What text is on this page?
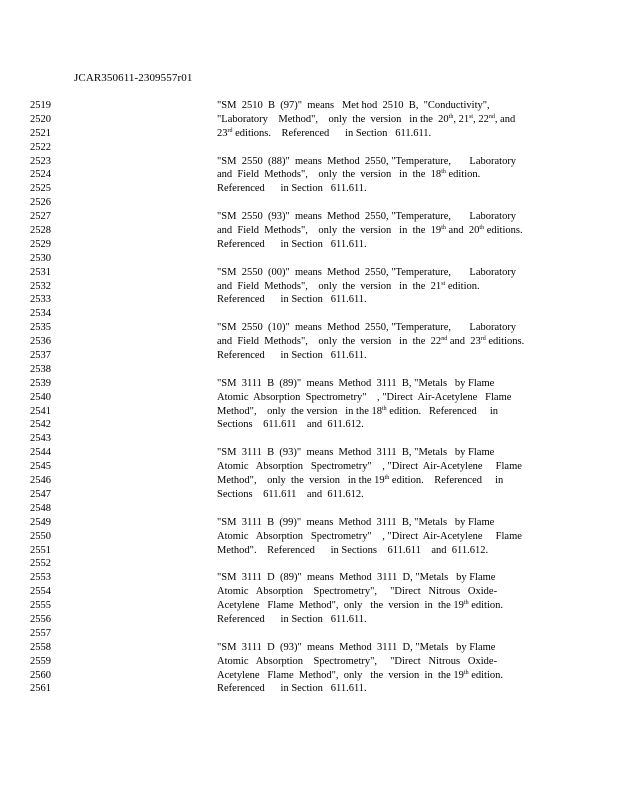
JCAR350611-2309557r01
2519
2520
2521
2522
2523
2524
2525
2526
2527
2528
2529
2530
2531
2532
2533
2534
2535
2536
2537
2538
2539
2540
2541
2542
2543
2544
2545
2546
2547
2548
2549
2550
2551
2552
2553
2554
2555
2556
2557
2558
2559
2560
2561
"SM  2510  B  (97)"  means   Met hod  2510  B,  "Conductivity",
"Laboratory    Method",    only  the  version   in the  20th, 21st, 22nd, and
23rd editions.    Referenced      in Section   611.611.

"SM  2550  (88)"  means  Method  2550, "Temperature,       Laboratory
and  Field  Methods",    only  the  version   in  the  18th edition.
Referenced      in Section   611.611.

"SM  2550  (93)"  means  Method  2550, "Temperature,       Laboratory
and  Field  Methods",    only  the  version   in  the  19th and  20th editions.
Referenced      in Section   611.611.

"SM  2550  (00)"  means  Method  2550, "Temperature,       Laboratory
and  Field  Methods",    only  the  version   in  the  21st edition.
Referenced      in Section   611.611.

"SM  2550  (10)"  means  Method  2550, "Temperature,       Laboratory
and  Field  Methods",    only  the  version   in  the  22nd and  23rd editions.
Referenced      in Section   611.611.

"SM  3111  B  (89)"  means  Method  3111  B, "Metals   by Flame
Atomic  Absorption  Spectrometry"    , "Direct  Air-Acetylene   Flame
Method",    only  the version   in the 18th edition.   Referenced     in
Sections    611.611    and  611.612.

"SM  3111  B  (93)"  means  Method  3111  B, "Metals   by Flame
Atomic   Absorption   Spectrometry"    , "Direct  Air-Acetylene     Flame
Method",    only  the  version   in the 19th edition.    Referenced     in
Sections    611.611    and  611.612.

"SM  3111  B  (99)"  means  Method  3111  B, "Metals   by Flame
Atomic   Absorption   Spectrometry"    , "Direct  Air-Acetylene     Flame
Method".    Referenced      in Sections    611.611    and  611.612.

"SM  3111  D  (89)"  means  Method  3111  D, "Metals   by Flame
Atomic   Absorption    Spectrometry",     "Direct   Nitrous   Oxide-
Acetylene   Flame  Method",  only   the  version  in  the 19th edition.
Referenced      in Section   611.611.

"SM  3111  D  (93)"  means  Method  3111  D, "Metals   by Flame
Atomic   Absorption    Spectrometry",     "Direct   Nitrous   Oxide-
Acetylene   Flame  Method",  only   the  version  in  the 19th edition.
Referenced      in Section   611.611.
